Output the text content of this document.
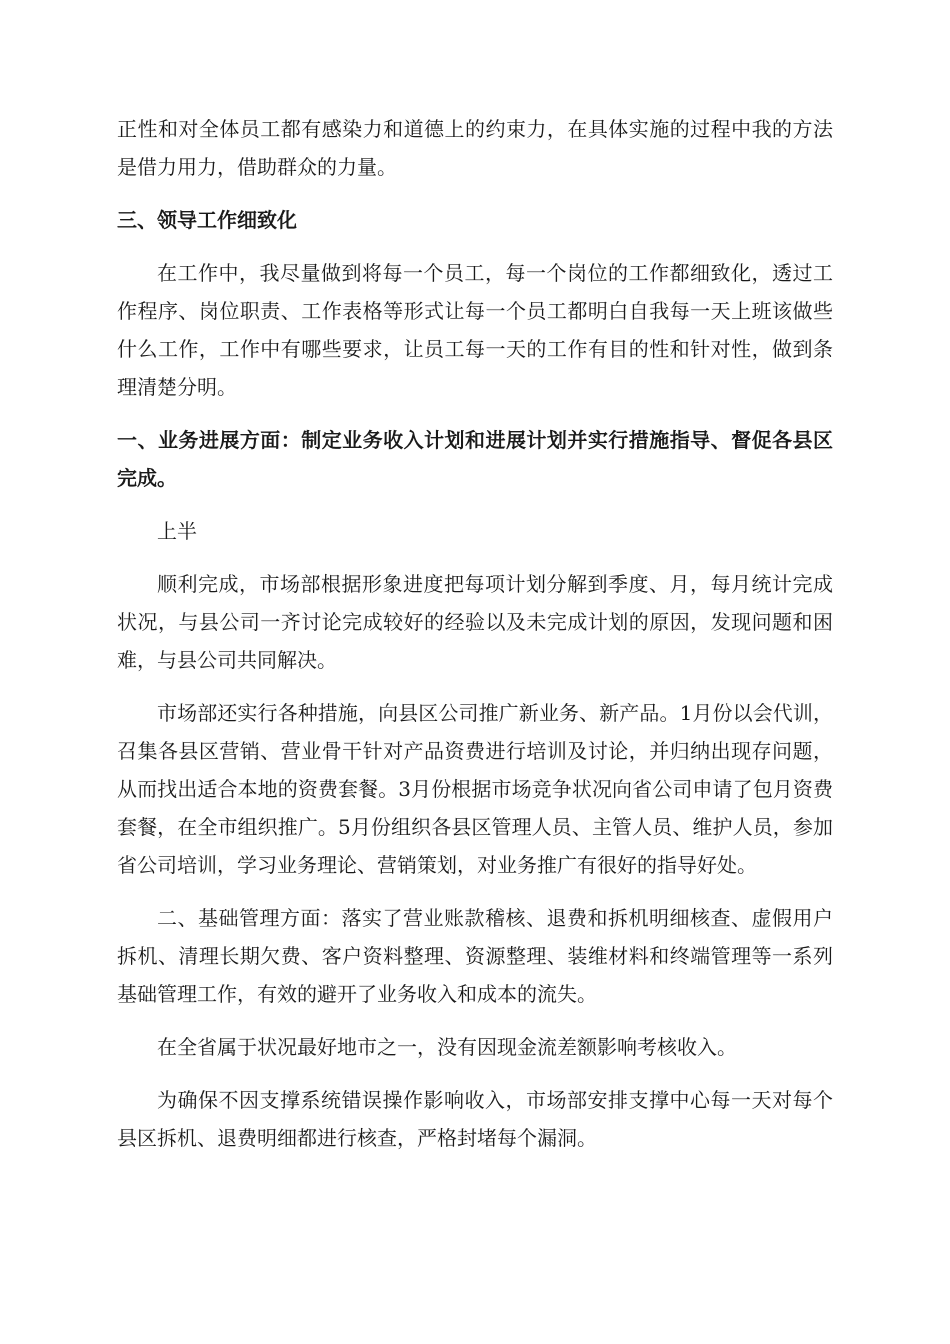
正性和对全体员工都有感染力和道德上的约束力，在具体实施的过程中我的方法是借力用力，借助群众的力量。

三、领导工作细致化

在工作中，我尽量做到将每一个员工，每一个岗位的工作都细致化，透过工作程序、岗位职责、工作表格等形式让每一个员工都明白自我每一天上班该做些什么工作，工作中有哪些要求，让员工每一天的工作有目的性和针对性，做到条理清楚分明。

一、业务进展方面：制定业务收入计划和进展计划并实行措施指导、督促各县区完成。

上半

顺利完成，市场部根据形象进度把每项计划分解到季度、月，每月统计完成状况，与县公司一齐讨论完成较好的经验以及未完成计划的原因，发现问题和困难，与县公司共同解决。

市场部还实行各种措施，向县区公司推广新业务、新产品。1月份以会代训，召集各县区营销、营业骨干针对产品资费进行培训及讨论，并归纳出现存问题，从而找出适合本地的资费套餐。3月份根据市场竞争状况向省公司申请了包月资费套餐，在全市组织推广。5月份组织各县区管理人员、主管人员、维护人员，参加省公司培训，学习业务理论、营销策划，对业务推广有很好的指导好处。

二、基础管理方面：落实了营业账款稽核、退费和拆机明细核查、虚假用户拆机、清理长期欠费、客户资料整理、资源整理、装维材料和终端管理等一系列基础管理工作，有效的避开了业务收入和成本的流失。

在全省属于状况最好地市之一，没有因现金流差额影响考核收入。

为确保不因支撑系统错误操作影响收入，市场部安排支撑中心每一天对每个县区拆机、退费明细都进行核查，严格封堵每个漏洞。
